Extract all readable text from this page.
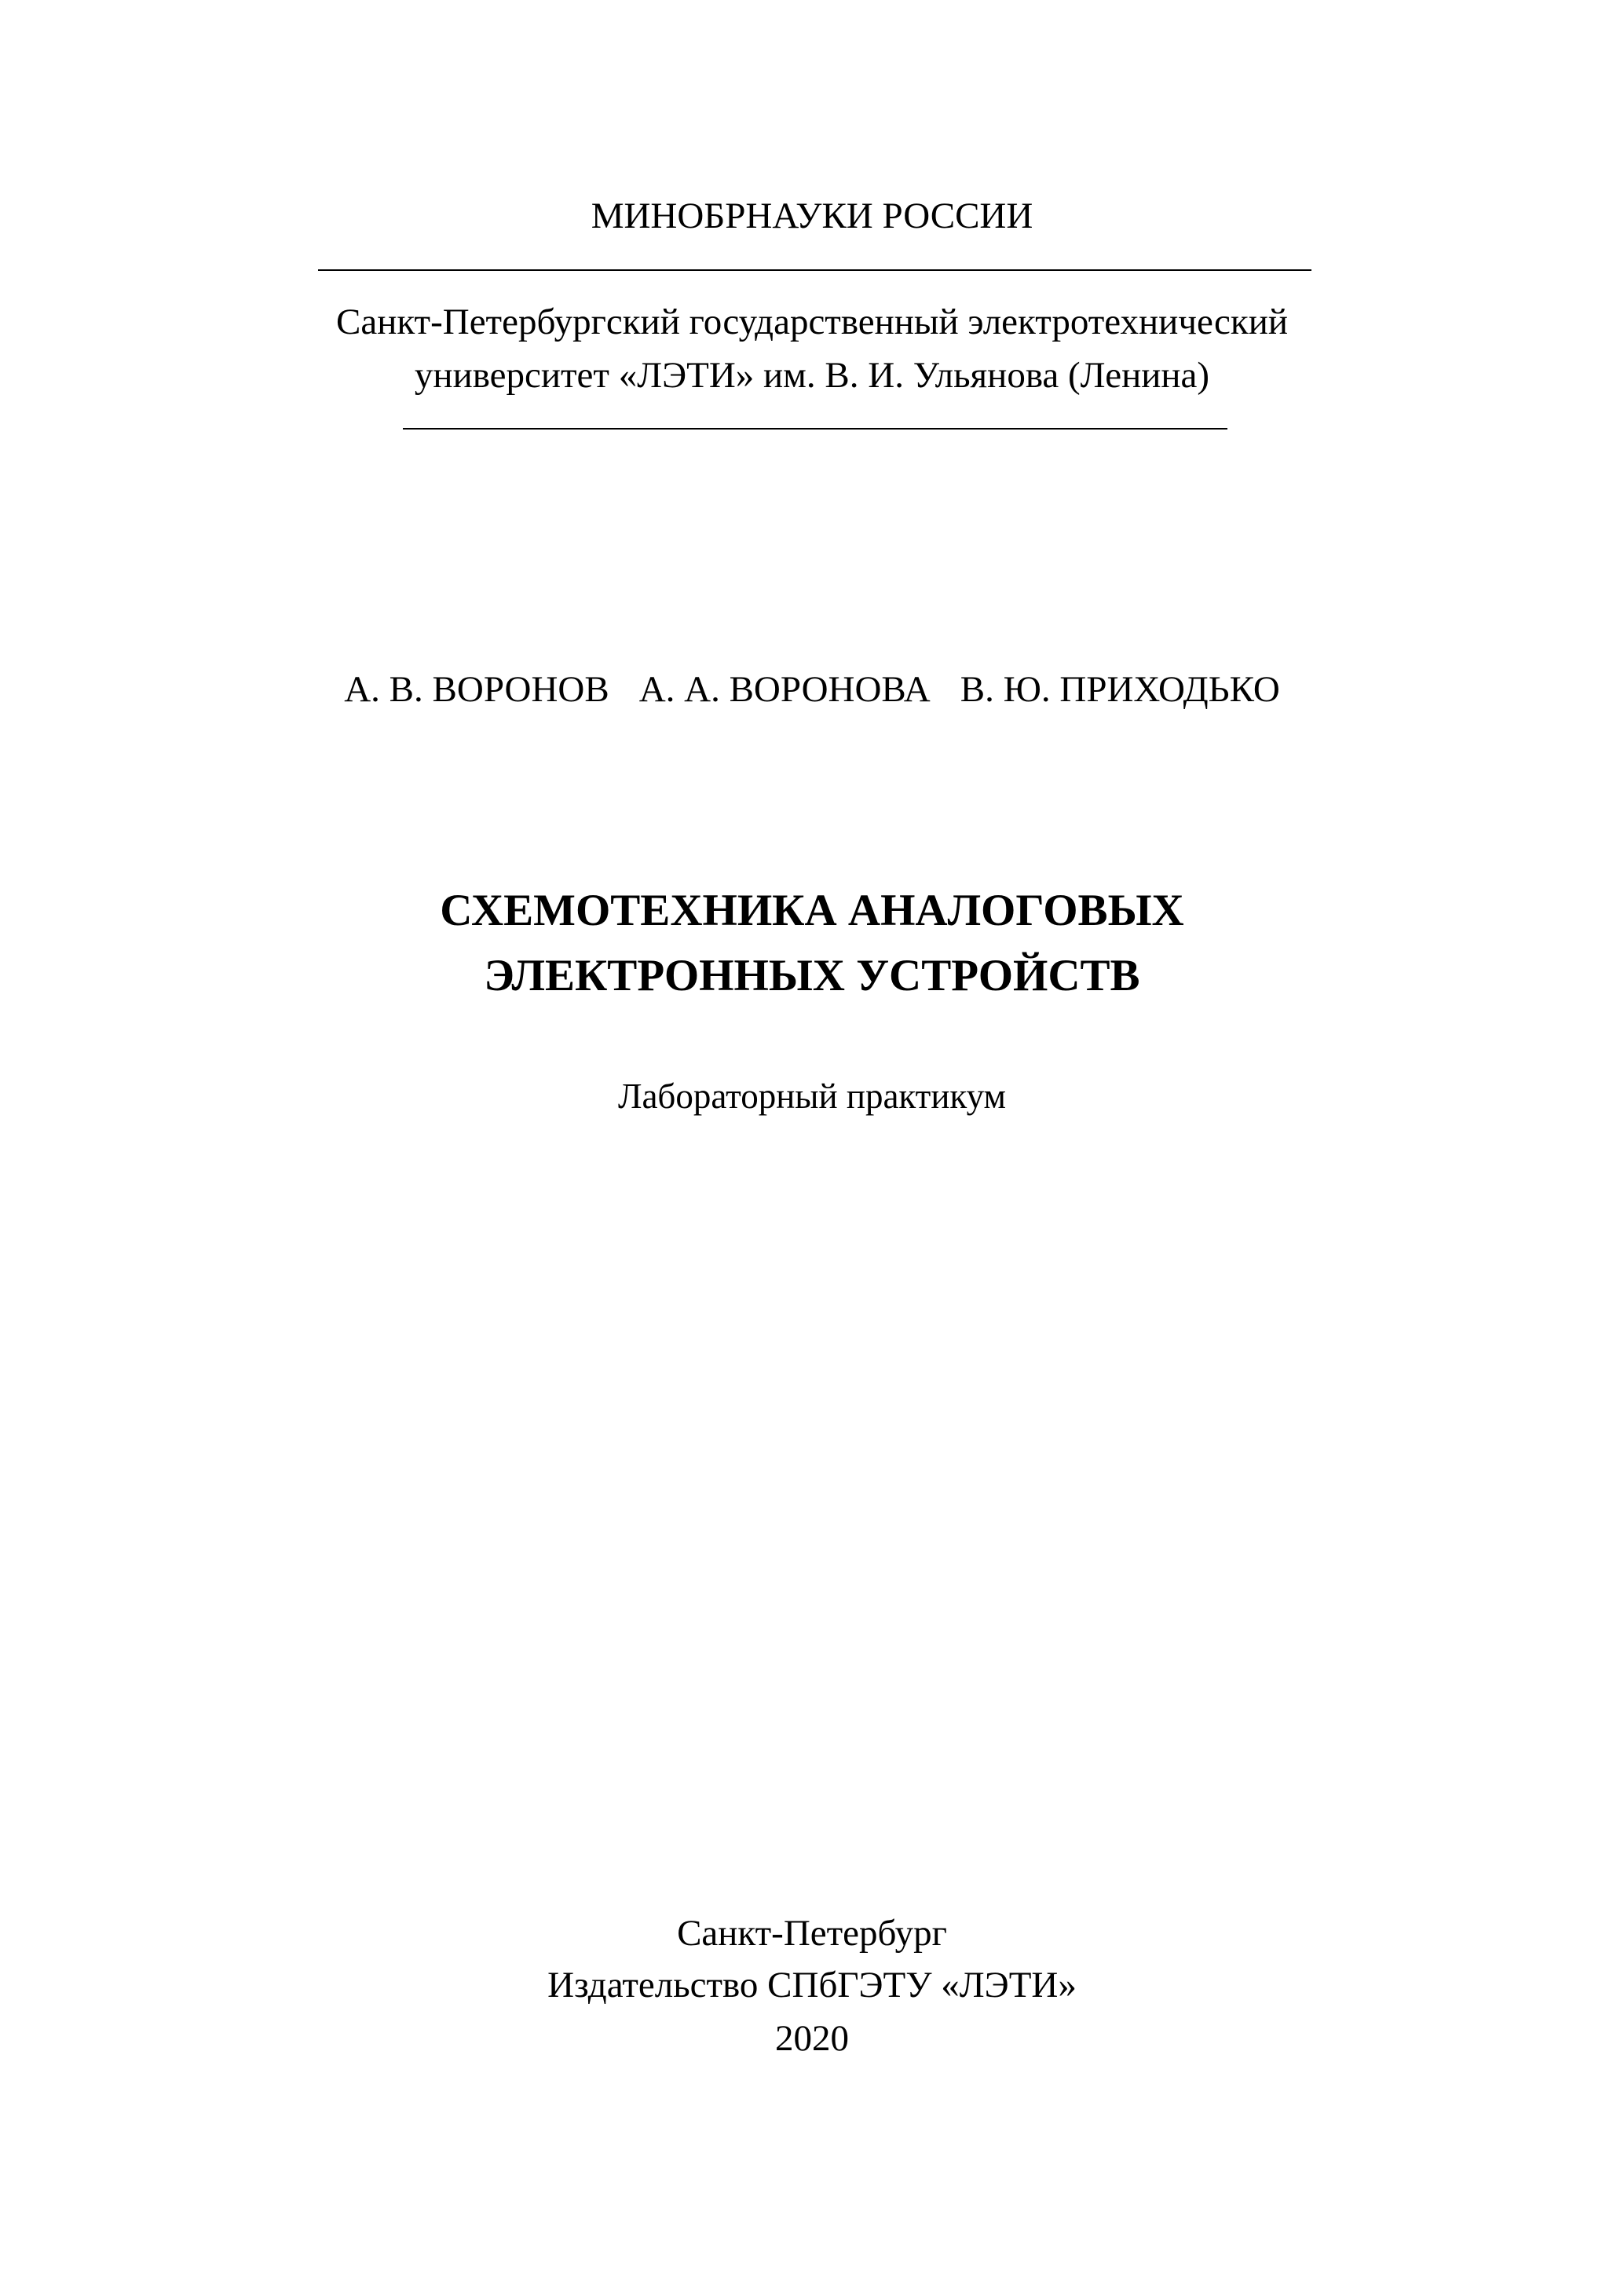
МИНОБРНАУКИ РОССИИ
Санкт-Петербургский государственный электротехнический
университет «ЛЭТИ» им. В. И. Ульянова (Ленина)
А. В. ВОРОНОВ А. А. ВОРОНОВА В. Ю. ПРИХОДЬКО
СХЕМОТЕХНИКА АНАЛОГОВЫХ
ЭЛЕКТРОННЫХ УСТРОЙСТВ
Лабораторный практикум
Санкт-Петербург
Издательство СПбГЭТУ «ЛЭТИ»
2020
